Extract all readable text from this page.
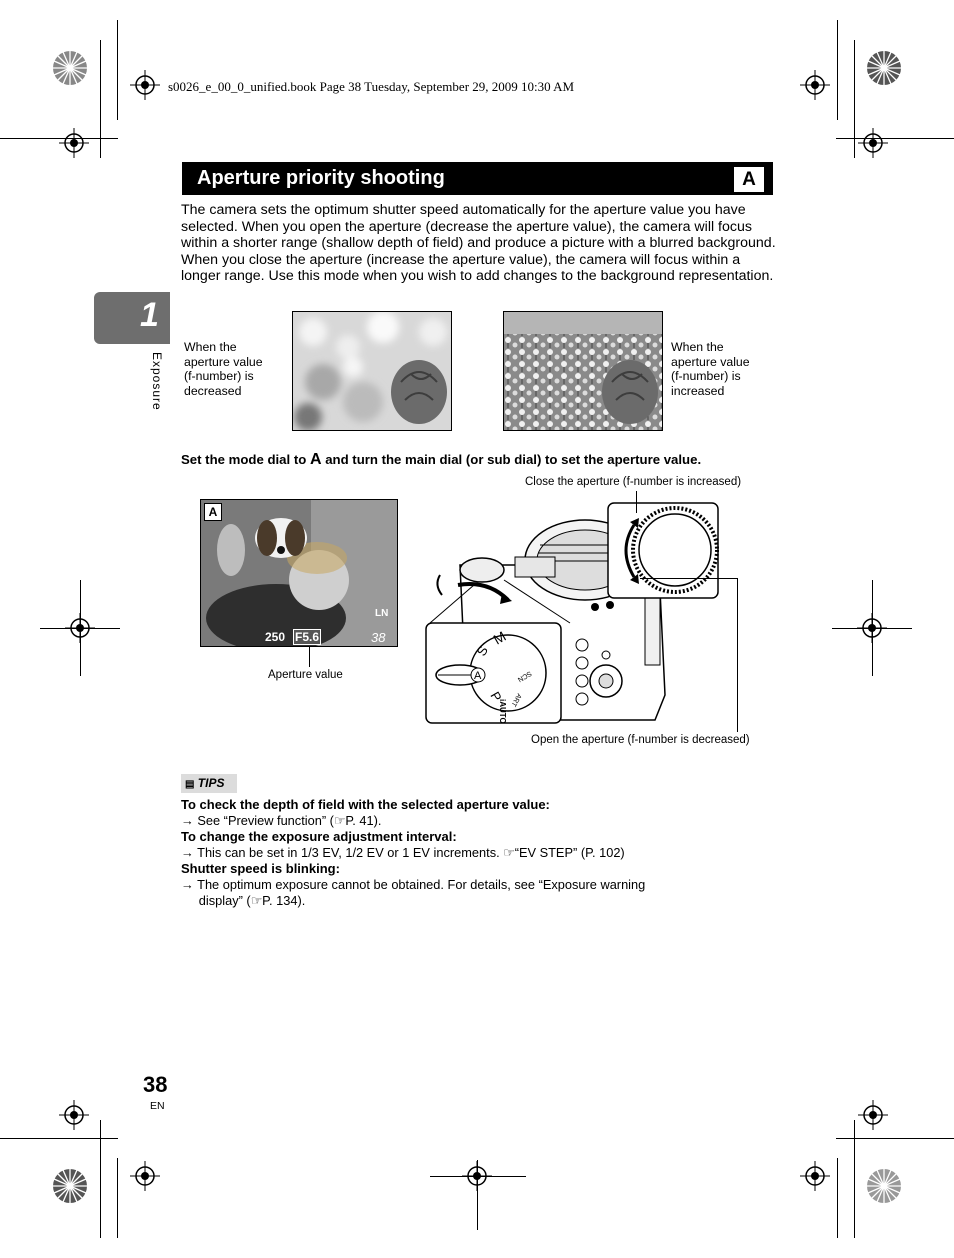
s0026_e_00_0_unified.book Page 38 Tuesday, September 29, 2009 10:30 AM
Aperture priority shooting	A
The camera sets the optimum shutter speed automatically for the aperture value you have selected. When you open the aperture (decrease the aperture value), the camera will focus within a shorter range (shallow depth of field) and produce a picture with a blurred background. When you close the aperture (increase the aperture value), the camera will focus within a longer range. Use this mode when you wish to add changes to the background representation.
1
Exposure
When the
aperture value
(f-number) is
decreased
When the
aperture value
(f-number) is
increased
Set the mode dial to A and turn the main dial (or sub dial) to set the aperture value.
A
LN
250 F5.6	38
Aperture value
Close the aperture (f-number is increased)
Open the aperture (f-number is decreased)
A
S
M
P
iAUTO ART
SCN
▤ TIPS
To check the depth of field with the selected aperture value:
→ See “Preview function” (☞P. 41).
To change the exposure adjustment interval:
→ This can be set in 1/3 EV, 1/2 EV or 1 EV increments. ☞“EV STEP” (P. 102)
Shutter speed is blinking:
→ The optimum exposure cannot be obtained. For details, see “Exposure warning
display” (☞P. 134).
38
EN
